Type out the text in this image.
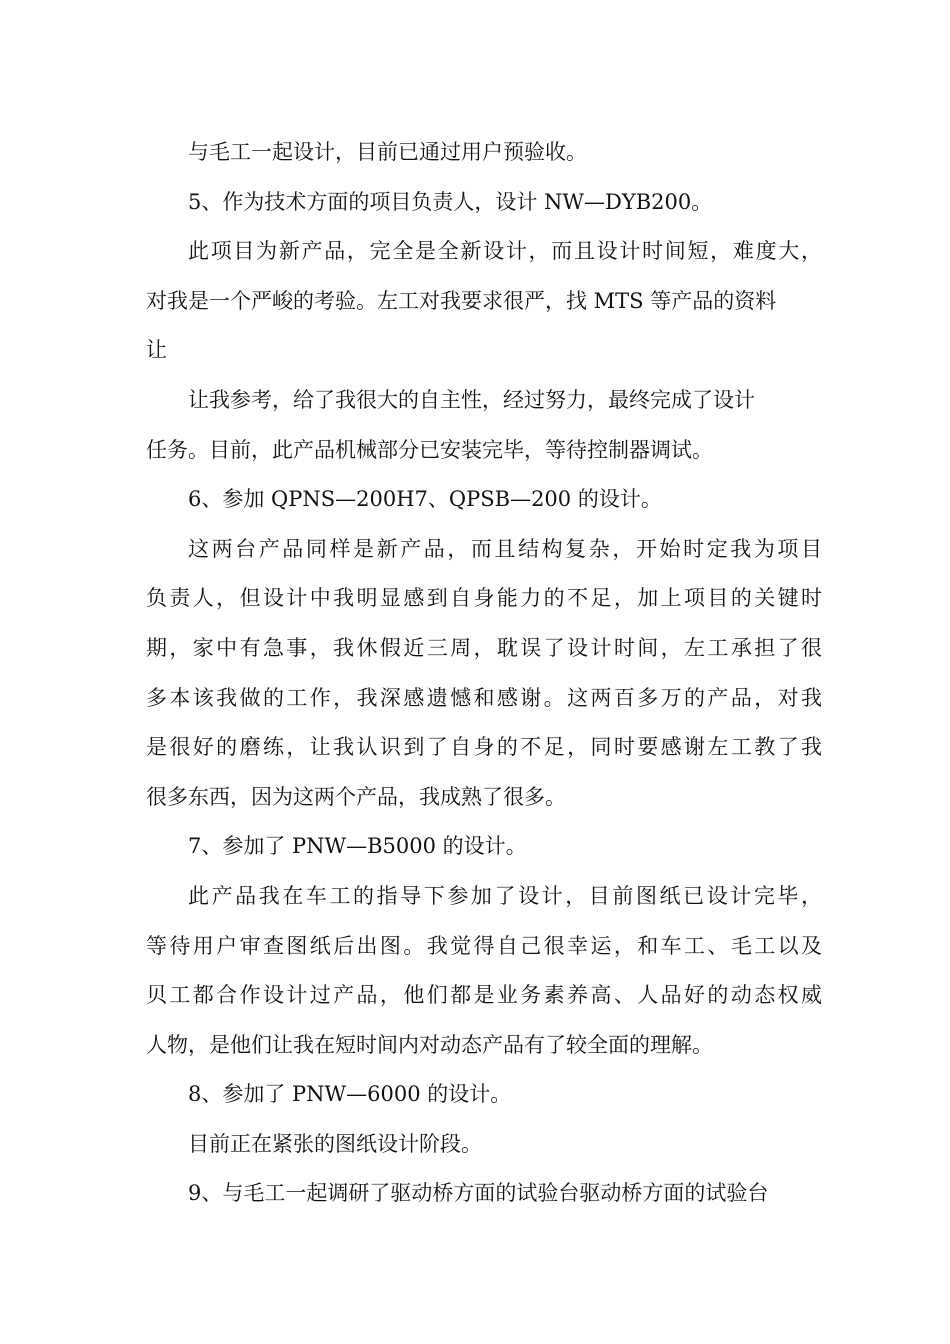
与毛工一起设计，目前已通过用户预验收。

5、作为技术方面的项目负责人，设计 NW—DYB200。

此项目为新产品，完全是全新设计，而且设计时间短，难度大，

对我是一个严峻的考验。左工对我要求很严，找 MTS 等产品的资料

让

让我参考，给了我很大的自主性，经过努力，最终完成了设计

任务。目前，此产品机械部分已安装完毕，等待控制器调试。

6、参加 QPNS—200H7、QPSB—200 的设计。

这两台产品同样是新产品，而且结构复杂，开始时定我为项目

负责人，但设计中我明显感到自身能力的不足，加上项目的关键时

期，家中有急事，我休假近三周，耽误了设计时间，左工承担了很

多本该我做的工作，我深感遗憾和感谢。这两百多万的产品，对我

是很好的磨练，让我认识到了自身的不足，同时要感谢左工教了我

很多东西，因为这两个产品，我成熟了很多。

7、参加了 PNW—B5000 的设计。

此产品我在车工的指导下参加了设计，目前图纸已设计完毕，

等待用户审查图纸后出图。我觉得自己很幸运，和车工、毛工以及

贝工都合作设计过产品，他们都是业务素养高、人品好的动态权威

人物，是他们让我在短时间内对动态产品有了较全面的理解。

8、参加了 PNW—6000 的设计。

目前正在紧张的图纸设计阶段。

9、与毛工一起调研了驱动桥方面的试验台驱动桥方面的试验台
